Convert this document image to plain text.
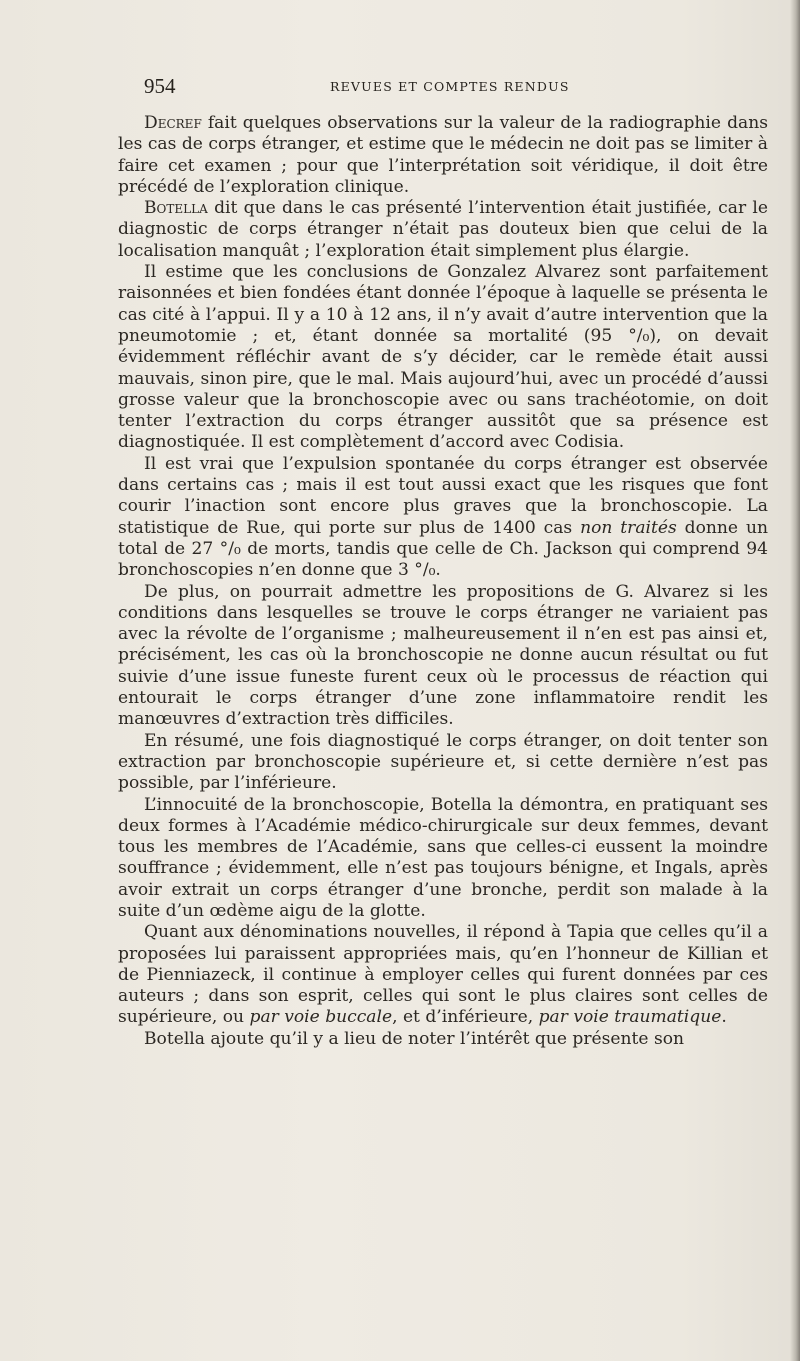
954	REVUES ET COMPTES RENDUS

Decref fait quelques observations sur la valeur de la radiographie dans les cas de corps étranger, et estime que le médecin ne doit pas se limiter à faire cet examen ; pour que l’interprétation soit véridique, il doit être précédé de l’exploration clinique.

Botella dit que dans le cas présenté l’intervention était justifiée, car le diagnostic de corps étranger n’était pas douteux bien que celui de la localisation manquât ; l’exploration était simplement plus élargie.

Il estime que les conclusions de Gonzalez Alvarez sont parfaitement raisonnées et bien fondées étant donnée l’époque à laquelle se présenta le cas cité à l’appui. Il y a 10 à 12 ans, il n’y avait d’autre intervention que la pneumotomie ; et, étant donnée sa mortalité (95 °/₀), on devait évidemment réfléchir avant de s’y décider, car le remède était aussi mauvais, sinon pire, que le mal. Mais aujourd’hui, avec un procédé d’aussi grosse valeur que la bronchoscopie avec ou sans trachéotomie, on doit tenter l’extraction du corps étranger aussitôt que sa présence est diagnostiquée. Il est complètement d’accord avec Codisia.

Il est vrai que l’expulsion spontanée du corps étranger est observée dans certains cas ; mais il est tout aussi exact que les risques que font courir l’inaction sont encore plus graves que la bronchoscopie. La statistique de Rue, qui porte sur plus de 1400 cas non traités donne un total de 27 °/₀ de morts, tandis que celle de Ch. Jackson qui comprend 94 bronchoscopies n’en donne que 3 °/₀.

De plus, on pourrait admettre les propositions de G. Alvarez si les conditions dans lesquelles se trouve le corps étranger ne variaient pas avec la révolte de l’organisme ; malheureusement il n’en est pas ainsi et, précisément, les cas où la bronchoscopie ne donne aucun résultat ou fut suivie d’une issue funeste furent ceux où le processus de réaction qui entourait le corps étranger d’une zone inflammatoire rendit les manœuvres d’extraction très difficiles.

En résumé, une fois diagnostiqué le corps étranger, on doit tenter son extraction par bronchoscopie supérieure et, si cette dernière n’est pas possible, par l’inférieure.

L’innocuité de la bronchoscopie, Botella la démontra, en pratiquant ses deux formes à l’Académie médico-chirurgicale sur deux femmes, devant tous les membres de l’Académie, sans que celles-ci eussent la moindre souffrance ; évidemment, elle n’est pas toujours bénigne, et Ingals, après avoir extrait un corps étranger d’une bronche, perdit son malade à la suite d’un œdème aigu de la glotte.

Quant aux dénominations nouvelles, il répond à Tapia que celles qu’il a proposées lui paraissent appropriées mais, qu’en l’honneur de Killian et de Pienniazeck, il continue à employer celles qui furent données par ces auteurs ; dans son esprit, celles qui sont le plus claires sont celles de supérieure, ou par voie buccale, et d’inférieure, par voie traumatique.

Botella ajoute qu’il y a lieu de noter l’intérêt que présente son
